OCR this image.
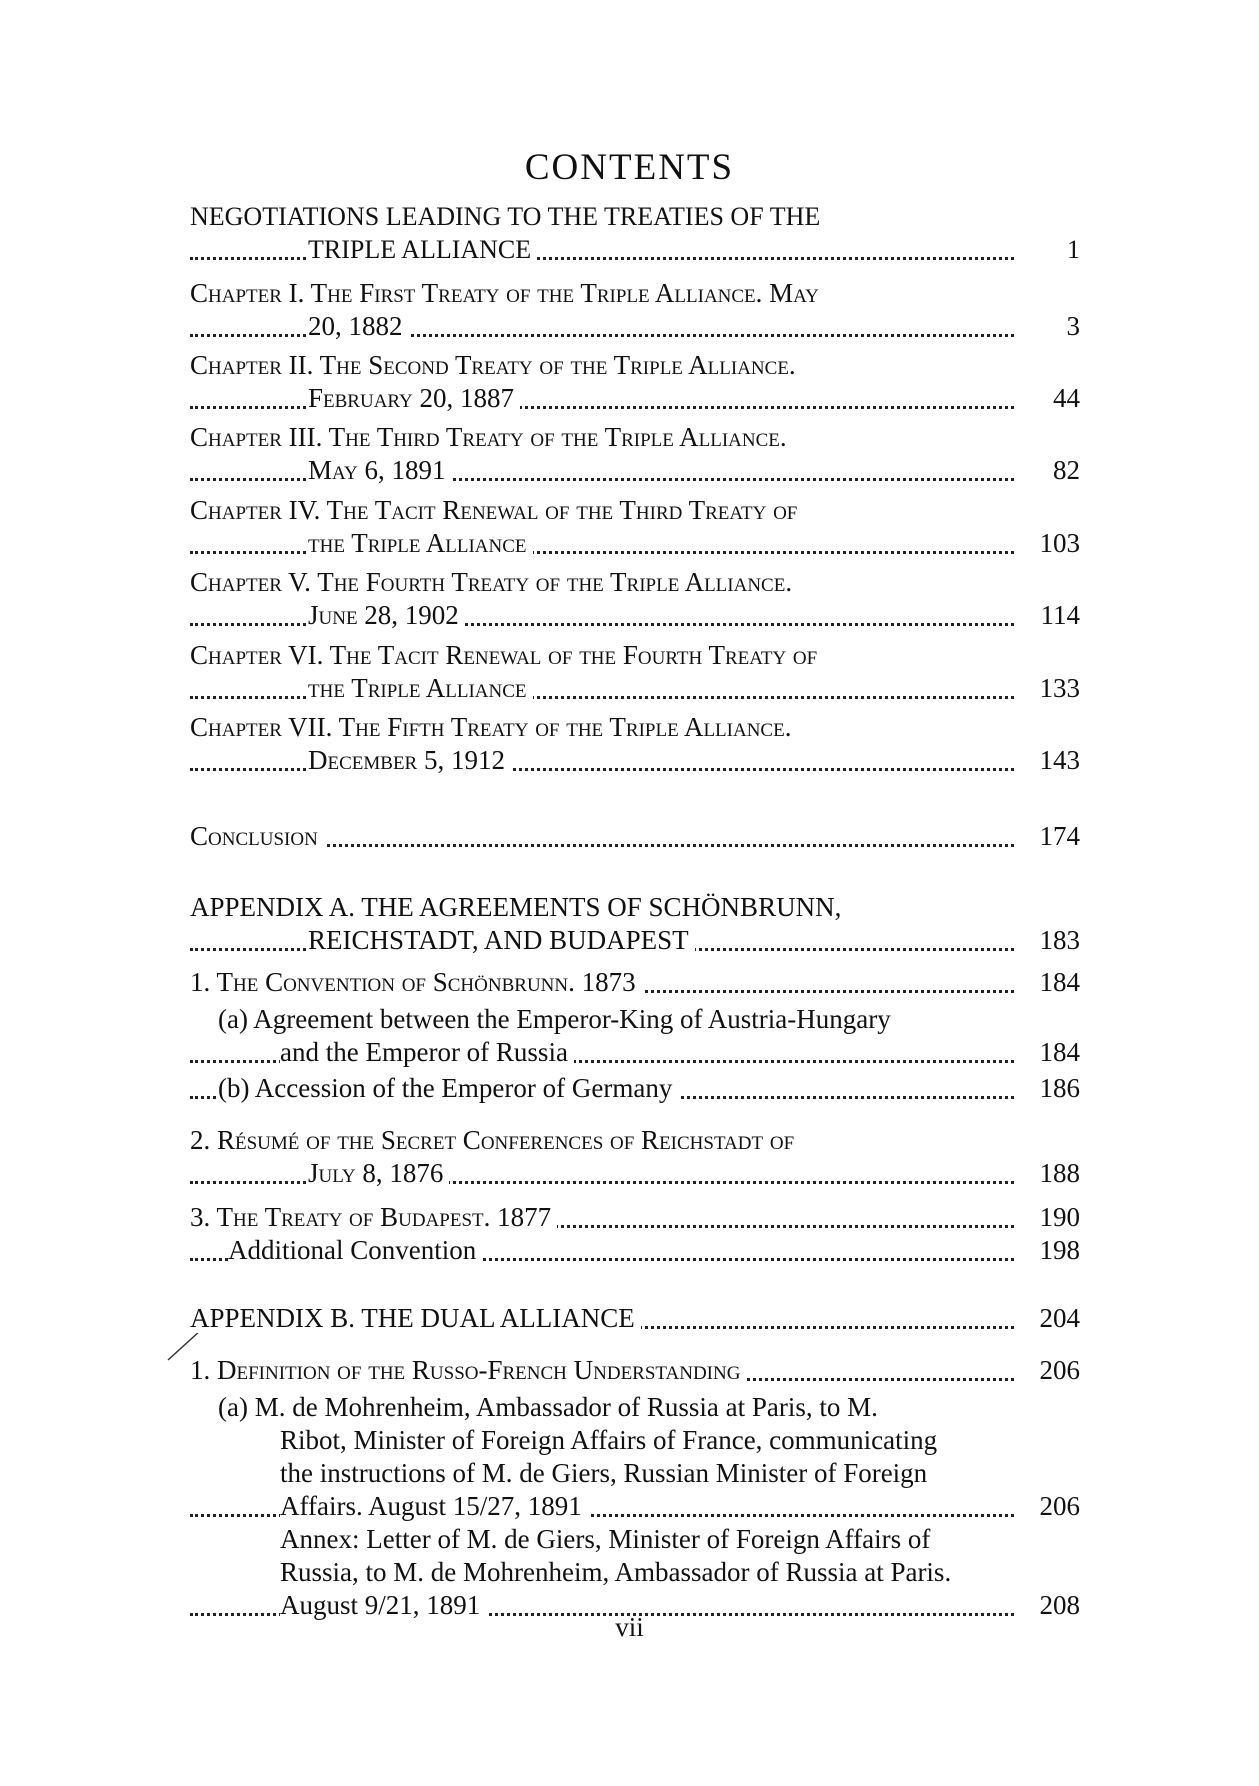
CONTENTS
NEGOTIATIONS LEADING TO THE TREATIES OF THE
TRIPLE ALLIANCE	1
Chapter I. The First Treaty of the Triple Alliance. May
20, 1882	3
Chapter II. The Second Treaty of the Triple Alliance.
February 20, 1887	44
Chapter III. The Third Treaty of the Triple Alliance.
May 6, 1891	82
Chapter IV. The Tacit Renewal of the Third Treaty of
the Triple Alliance	103
Chapter V. The Fourth Treaty of the Triple Alliance.
June 28, 1902	114
Chapter VI. The Tacit Renewal of the Fourth Treaty of
the Triple Alliance	133
Chapter VII. The Fifth Treaty of the Triple Alliance.
December 5, 1912	143
Conclusion	174
APPENDIX A. THE AGREEMENTS OF SCHÖNBRUNN,
REICHSTADT, AND BUDAPEST	183
1. The Convention of Schönbrunn. 1873	184
(a) Agreement between the Emperor-King of Austria-Hungary
and the Emperor of Russia	184
(b) Accession of the Emperor of Germany	186
2. Résumé of the Secret Conferences of Reichstadt of
July 8, 1876	188
3. The Treaty of Budapest. 1877	190
Additional Convention	198
APPENDIX B. THE DUAL ALLIANCE	204
1. Definition of the Russo-French Understanding	206
(a) M. de Mohrenheim, Ambassador of Russia at Paris, to M.
Ribot, Minister of Foreign Affairs of France, communicating
the instructions of M. de Giers, Russian Minister of Foreign
Affairs. August 15/27, 1891	206
Annex: Letter of M. de Giers, Minister of Foreign Affairs of
Russia, to M. de Mohrenheim, Ambassador of Russia at Paris.
August 9/21, 1891	208
vii
